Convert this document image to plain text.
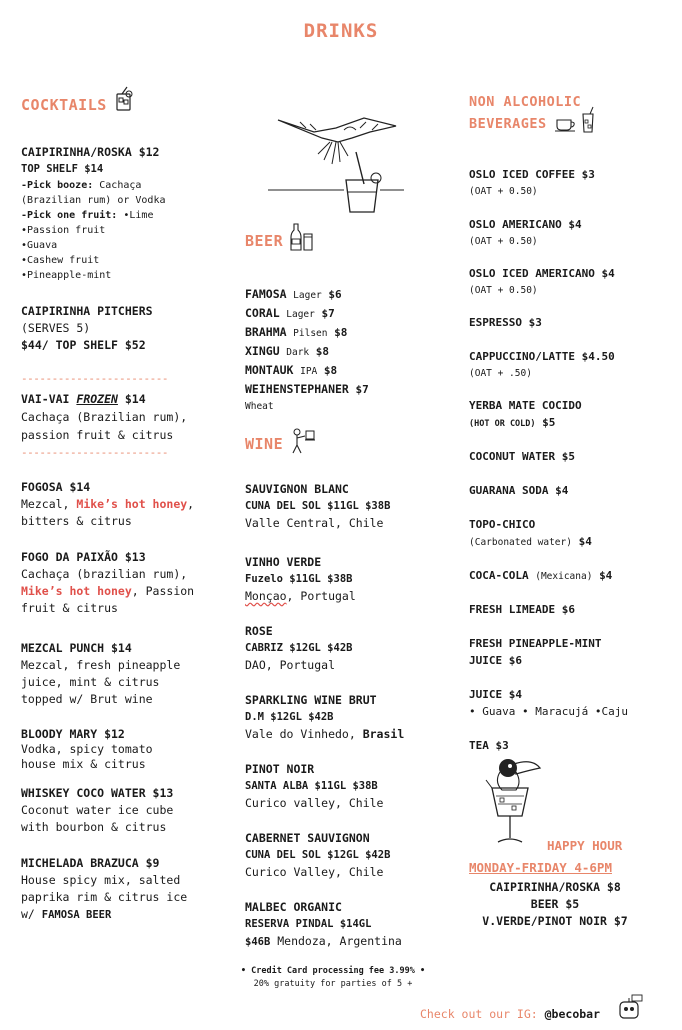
DRINKS
COCKTAILS
CAIPIRINHA/ROSKA $12
TOP SHELF $14
-Pick booze: Cachaça (Brazilian rum) or Vodka
-Pick one fruit: •Lime
•Passion fruit
•Guava
•Cashew fruit
•Pineapple-mint
CAIPIRINHA PITCHERS
(SERVES 5)
$44/ TOP SHELF $52
------------------------
VAI-VAI FROZEN $14
Cachaça (Brazilian rum), passion fruit & citrus
------------------------
FOGOSA $14
Mezcal, Mike’s hot honey, bitters & citrus
FOGO DA PAIXÃO $13
Cachaça (brazilian rum),
Mike’s hot honey, Passion fruit & citrus
MEZCAL PUNCH $14
Mezcal, fresh pineapple juice, mint & citrus topped w/ Brut wine
BLOODY MARY $12
Vodka, spicy tomato house mix & citrus
WHISKEY COCO WATER $13
Coconut water ice cube with bourbon & citrus
MICHELADA BRAZUCA $9
House spicy mix, salted paprika rim & citrus ice w/ FAMOSA BEER
BEER
FAMOSA Lager $6
CORAL Lager $7
BRAHMA Pilsen $8
XINGU Dark $8
MONTAUK IPA $8
WEIHENSTEPHANER $7
Wheat
WINE
SAUVIGNON BLANC
CUNA DEL SOL $11GL $38B
Valle Central, Chile
VINHO VERDE
Fuzelo $11GL $38B
Monçao, Portugal
ROSE
CABRIZ $12GL $42B
DAO, Portugal
SPARKLING WINE BRUT
D.M $12GL $42B
Vale do Vinhedo, Brasil
PINOT NOIR
SANTA ALBA $11GL $38B
Curico valley, Chile
CABERNET SAUVIGNON
CUNA DEL SOL $12GL $42B
Curico Valley, Chile
MALBEC ORGANIC
RESERVA PINDAL $14GL
$46B Mendoza, Argentina
• Credit Card processing fee 3.99% •
20% gratuity for parties of 5 +
NON ALCOHOLIC
BEVERAGES
OSLO ICED COFFEE $3
(OAT + 0.50)
OSLO AMERICANO $4
(OAT + 0.50)
OSLO ICED AMERICANO $4
(OAT + 0.50)
ESPRESSO $3
CAPPUCCINO/LATTE $4.50
(OAT + .50)
YERBA MATE COCIDO
(HOT OR COLD) $5
COCONUT WATER $5
GUARANA SODA $4
TOPO-CHICO
(Carbonated water) $4
COCA-COLA (Mexicana) $4
FRESH LIMEADE $6
FRESH PINEAPPLE-MINT
JUICE $6
JUICE $4
• Guava • Maracujá •Caju
TEA $3
HAPPY HOUR
MONDAY-FRIDAY 4-6PM
CAIPIRINHA/ROSKA $8
BEER $5
V.VERDE/PINOT NOIR $7
Check out our IG: @becobar
